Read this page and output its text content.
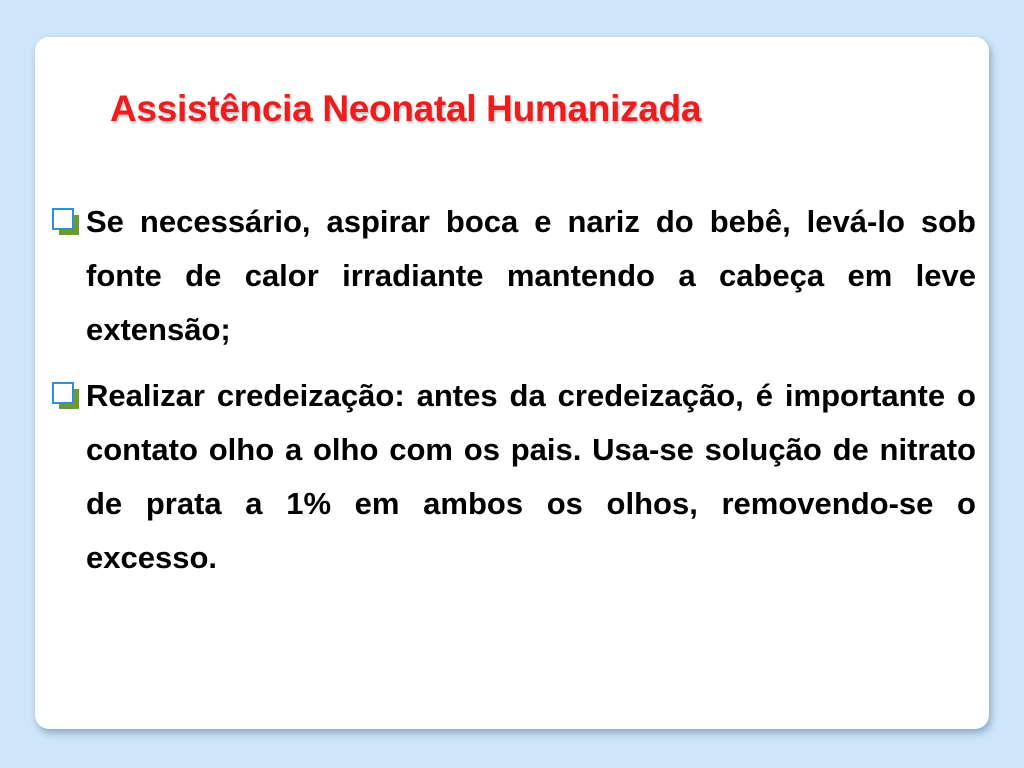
Assistência Neonatal Humanizada
Se necessário, aspirar boca e nariz do bebê, levá-lo sob fonte de calor irradiante mantendo a cabeça em leve extensão;
Realizar credeização: antes da credeização, é importante o contato olho a olho com os pais. Usa-se solução de nitrato de prata a 1% em ambos os olhos, removendo-se o excesso.
